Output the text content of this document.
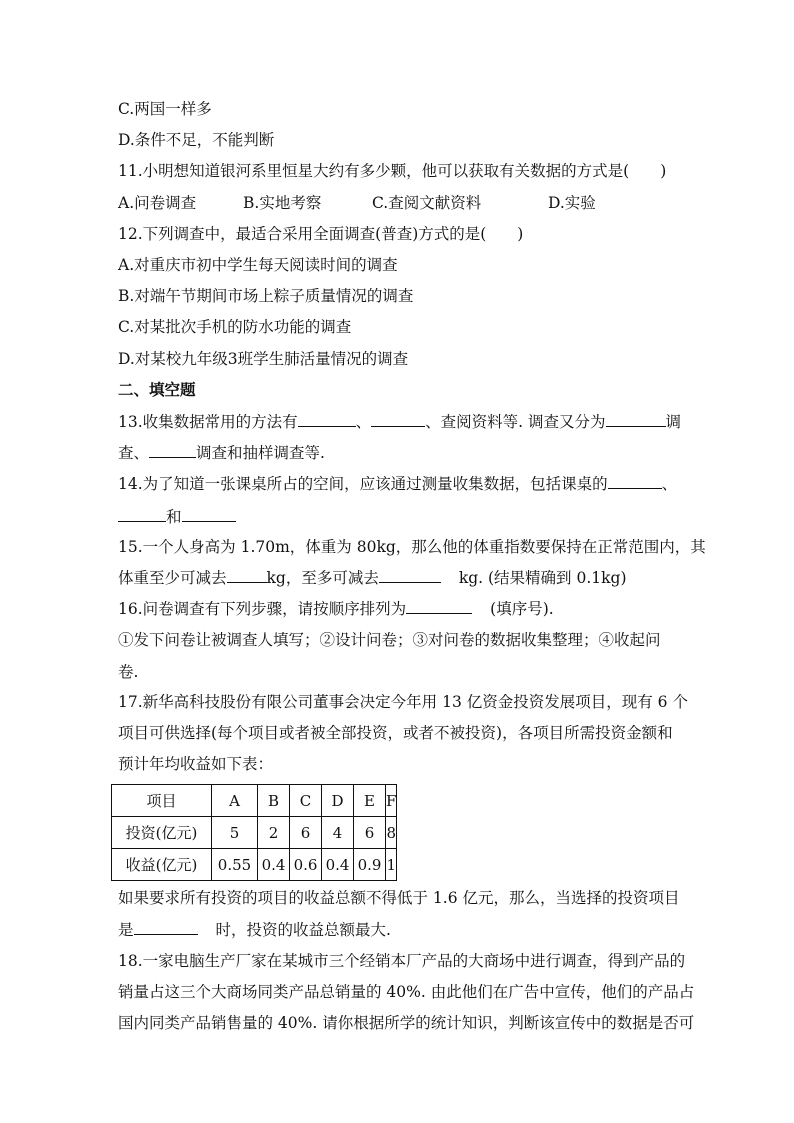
C.两国一样多
D.条件不足，不能判断
11.小明想知道银河系里恒星大约有多少颗，他可以获取有关数据的方式是(　　)
A.问卷调查	B.实地考察	C.查阅文献资料	D.实验
12.下列调查中，最适合采用全面调查(普查)方式的是(　　)
A.对重庆市初中学生每天阅读时间的调查
B.对端午节期间市场上粽子质量情况的调查
C.对某批次手机的防水功能的调查
D.对某校九年级3班学生肺活量情况的调查
二、填空题
13.收集数据常用的方法有	、	、查阅资料等. 调查又分为	调
查、	调查和抽样调查等.
14.为了知道一张课桌所占的空间，应该通过测量收集数据，包括课桌的	、
和
15.一个人身高为 1.70m，体重为 80kg，那么他的体重指数要保持在正常范围内，其
体重至少可减去	kg，至多可减去	kg. (结果精确到 0.1kg)
16.问卷调查有下列步骤，请按顺序排列为	(填序号).
①发下问卷让被调查人填写；②设计问卷；③对问卷的数据收集整理；④收起问
卷.
17.新华高科技股份有限公司董事会决定今年用 13 亿资金投资发展项目，现有 6 个
项目可供选择(每个项目或者被全部投资，或者不被投资)，各项目所需投资金额和
预计年均收益如下表：
项目	A	B	C	D	E	F
投资(亿元)	5	2	6	4	6	8
收益(亿元)	0.55	0.4	0.6	0.4	0.9	1
如果要求所有投资的项目的收益总额不得低于 1.6 亿元，那么，当选择的投资项目
是	时，投资的收益总额最大.
18.一家电脑生产厂家在某城市三个经销本厂产品的大商场中进行调查，得到产品的
销量占这三个大商场同类产品总销量的 40%. 由此他们在广告中宣传，他们的产品占
国内同类产品销售量的 40%. 请你根据所学的统计知识，判断该宣传中的数据是否可
